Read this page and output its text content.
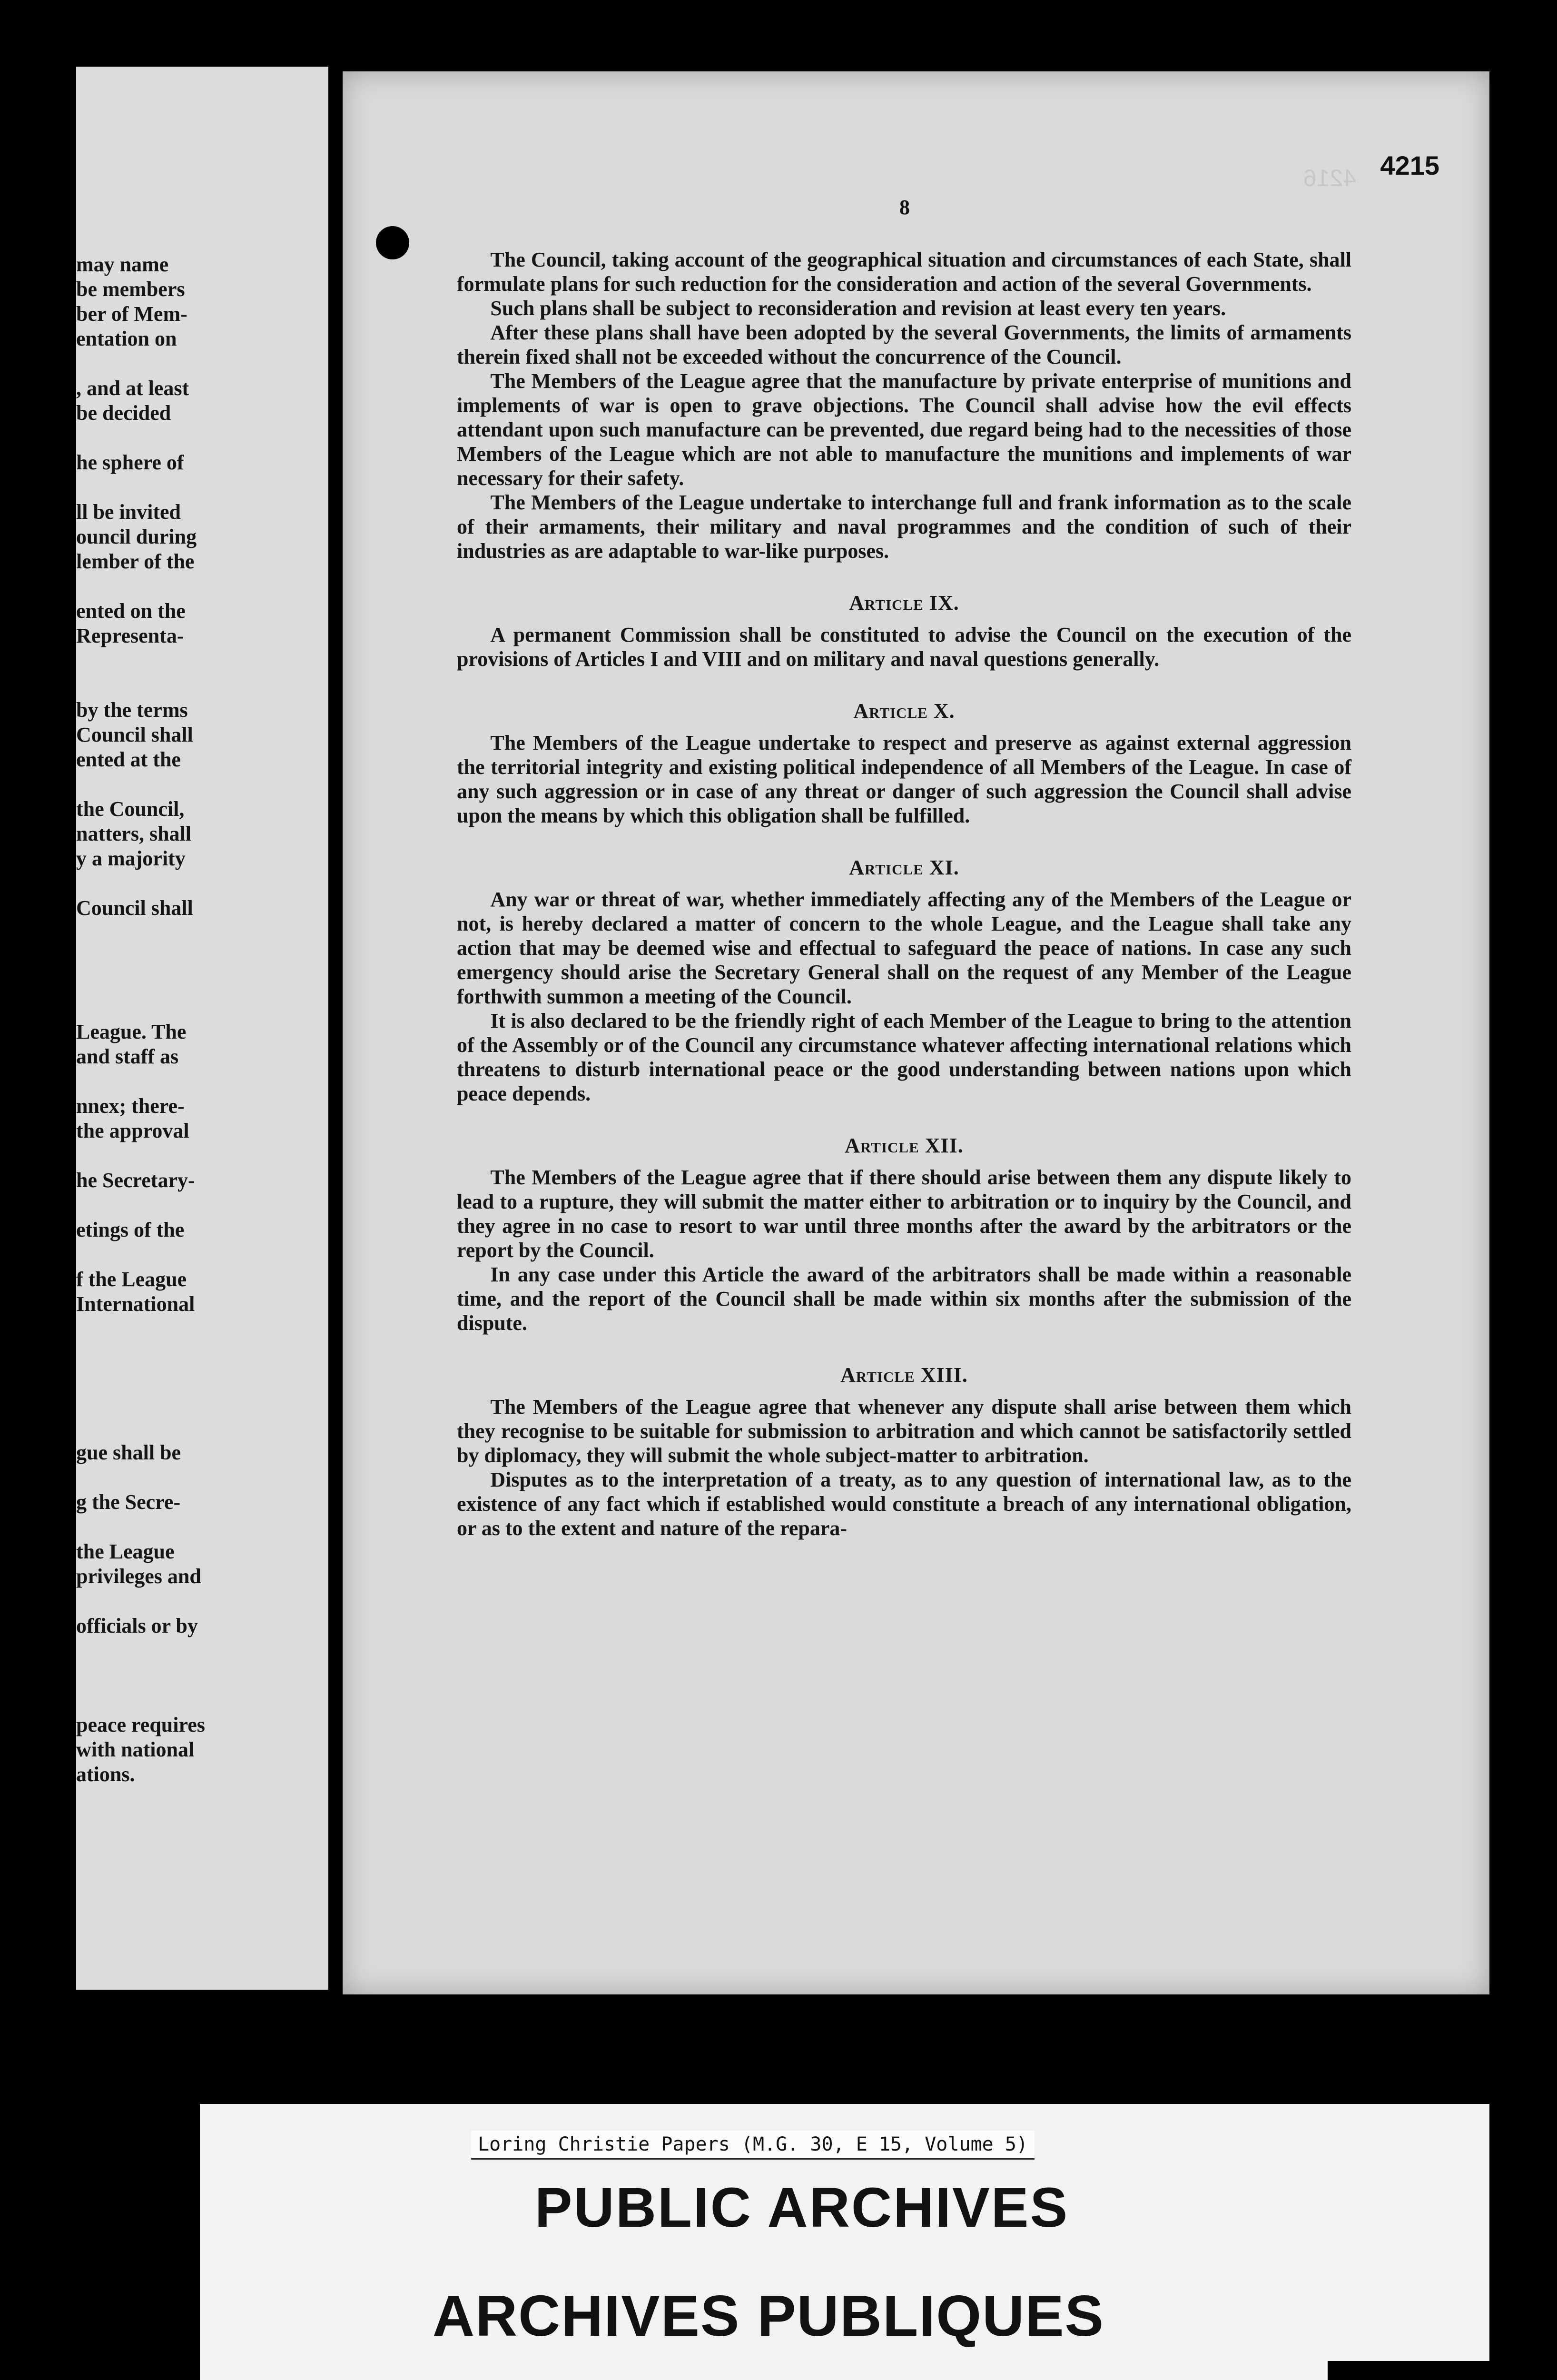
may name
be members
ber of Mem-
entation on
, and at least
be decided
he sphere of
ll be invited
ouncil during
lember of the
ented on the
Representa-
by the terms
Council shall
ented at the
the Council,
natters, shall
y a majority
Council shall
League. The
and staff as
nnex; there-
the approval
he Secretary-
etings of the
f the League
International
gue shall be
g the Secre-
the League
privileges and
officials or by
peace requires
with national
ations.
4216 4215
8

The Council, taking account of the geographical situation and circumstances of each State, shall formulate plans for such reduction for the consideration and action of the several Governments.

Such plans shall be subject to reconsideration and revision at least every ten years.

After these plans shall have been adopted by the several Governments, the limits of armaments therein fixed shall not be exceeded without the concurrence of the Council.

The Members of the League agree that the manufacture by private enterprise of munitions and implements of war is open to grave objections. The Council shall advise how the evil effects attendant upon such manufacture can be prevented, due regard being had to the necessities of those Members of the League which are not able to manufacture the munitions and implements of war necessary for their safety.

The Members of the League undertake to interchange full and frank information as to the scale of their armaments, their military and naval programmes and the condition of such of their industries as are adaptable to war-like purposes.

Article IX.

A permanent Commission shall be constituted to advise the Council on the execution of the provisions of Articles I and VIII and on military and naval questions generally.

Article X.

The Members of the League undertake to respect and preserve as against external aggression the territorial integrity and existing political independence of all Members of the League. In case of any such aggression or in case of any threat or danger of such aggression the Council shall advise upon the means by which this obligation shall be fulfilled.

Article XI.

Any war or threat of war, whether immediately affecting any of the Members of the League or not, is hereby declared a matter of concern to the whole League, and the League shall take any action that may be deemed wise and effectual to safeguard the peace of nations. In case any such emergency should arise the Secretary General shall on the request of any Member of the League forthwith summon a meeting of the Council.

It is also declared to be the friendly right of each Member of the League to bring to the attention of the Assembly or of the Council any circumstance whatever affecting international relations which threatens to disturb international peace or the good understanding between nations upon which peace depends.

Article XII.

The Members of the League agree that if there should arise between them any dispute likely to lead to a rupture, they will submit the matter either to arbitration or to inquiry by the Council, and they agree in no case to resort to war until three months after the award by the arbitrators or the report by the Council.

In any case under this Article the award of the arbitrators shall be made within a reasonable time, and the report of the Council shall be made within six months after the submission of the dispute.

Article XIII.

The Members of the League agree that whenever any dispute shall arise between them which they recognise to be suitable for submission to arbitration and which cannot be satisfactorily settled by diplomacy, they will submit the whole subject-matter to arbitration.

Disputes as to the interpretation of a treaty, as to any question of international law, as to the existence of any fact which if established would constitute a breach of any international obligation, or as to the extent and nature of the repara-

Loring Christie Papers (M.G. 30, E 15, Volume 5)
PUBLIC ARCHIVES
ARCHIVES PUBLIQUES
